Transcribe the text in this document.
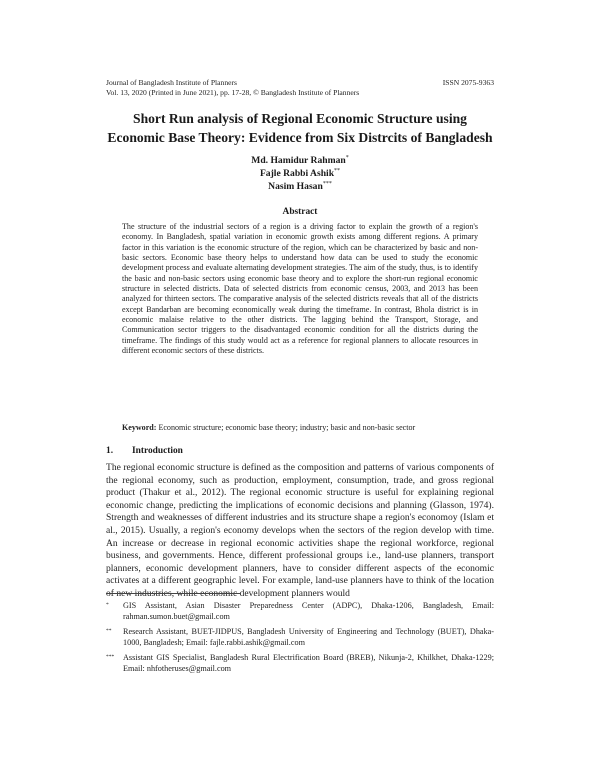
Journal of Bangladesh Institute of Planners	ISSN 2075-9363
Vol. 13, 2020 (Printed in June 2021), pp. 17-28, © Bangladesh Institute of Planners
Short Run analysis of Regional Economic Structure using
Economic Base Theory: Evidence from Six Distrcits of Bangladesh
Md. Hamidur Rahman*
Fajle Rabbi Ashik**
Nasim Hasan***
Abstract
The structure of the industrial sectors of a region is a driving factor to explain the growth of a region's economy. In Bangladesh, spatial variation in economic growth exists among different regions. A primary factor in this variation is the economic structure of the region, which can be characterized by basic and non-basic sectors. Economic base theory helps to understand how data can be used to study the economic development process and evaluate alternating development strategies. The aim of the study, thus, is to identify the basic and non-basic sectors using economic base theory and to explore the short-run regional economic structure in selected districts. Data of selected districts from economic census, 2003, and 2013 has been analyzed for thirteen sectors. The comparative analysis of the selected districts reveals that all of the districts except Bandarban are becoming economically weak during the timeframe. In contrast, Bhola district is in economic malaise relative to the other districts. The lagging behind the Transport, Storage, and Communication sector triggers to the disadvantaged economic condition for all the districts during the timeframe. The findings of this study would act as a reference for regional planners to allocate resources in different economic sectors of these districts.
Keyword: Economic structure; economic base theory; industry; basic and non-basic sector
1. Introduction
The regional economic structure is defined as the composition and patterns of various components of the regional economy, such as production, employment, consumption, trade, and gross regional product (Thakur et al., 2012). The regional economic structure is useful for explaining regional economic change, predicting the implications of economic decisions and planning (Glasson, 1974). Strength and weaknesses of different industries and its structure shape a region's economoy (Islam et al., 2015). Usually, a region's economy develops when the sectors of the region develop with time. An increase or decrease in regional economic activities shape the regional workforce, regional business, and governments. Hence, different professional groups i.e., land-use planners, transport planners, economic development planners, have to consider different aspects of the economic activates at a different geographic level. For example, land-use planners have to think of the location of new industries, while economic development planners would
*	GIS Assistant, Asian Disaster Preparedness Center (ADPC), Dhaka-1206, Bangladesh, Email: rahman.sumon.buet@gmail.com
**	Research Assistant, BUET-JIDPUS, Bangladesh University of Engineering and Technology (BUET), Dhaka-1000, Bangladesh; Email: fajle.rabbi.ashik@gmail.com
***	Assistant GIS Specialist, Bangladesh Rural Electrification Board (BREB), Nikunja-2, Khilkhet, Dhaka-1229; Email: nhfotheruses@gmail.com
